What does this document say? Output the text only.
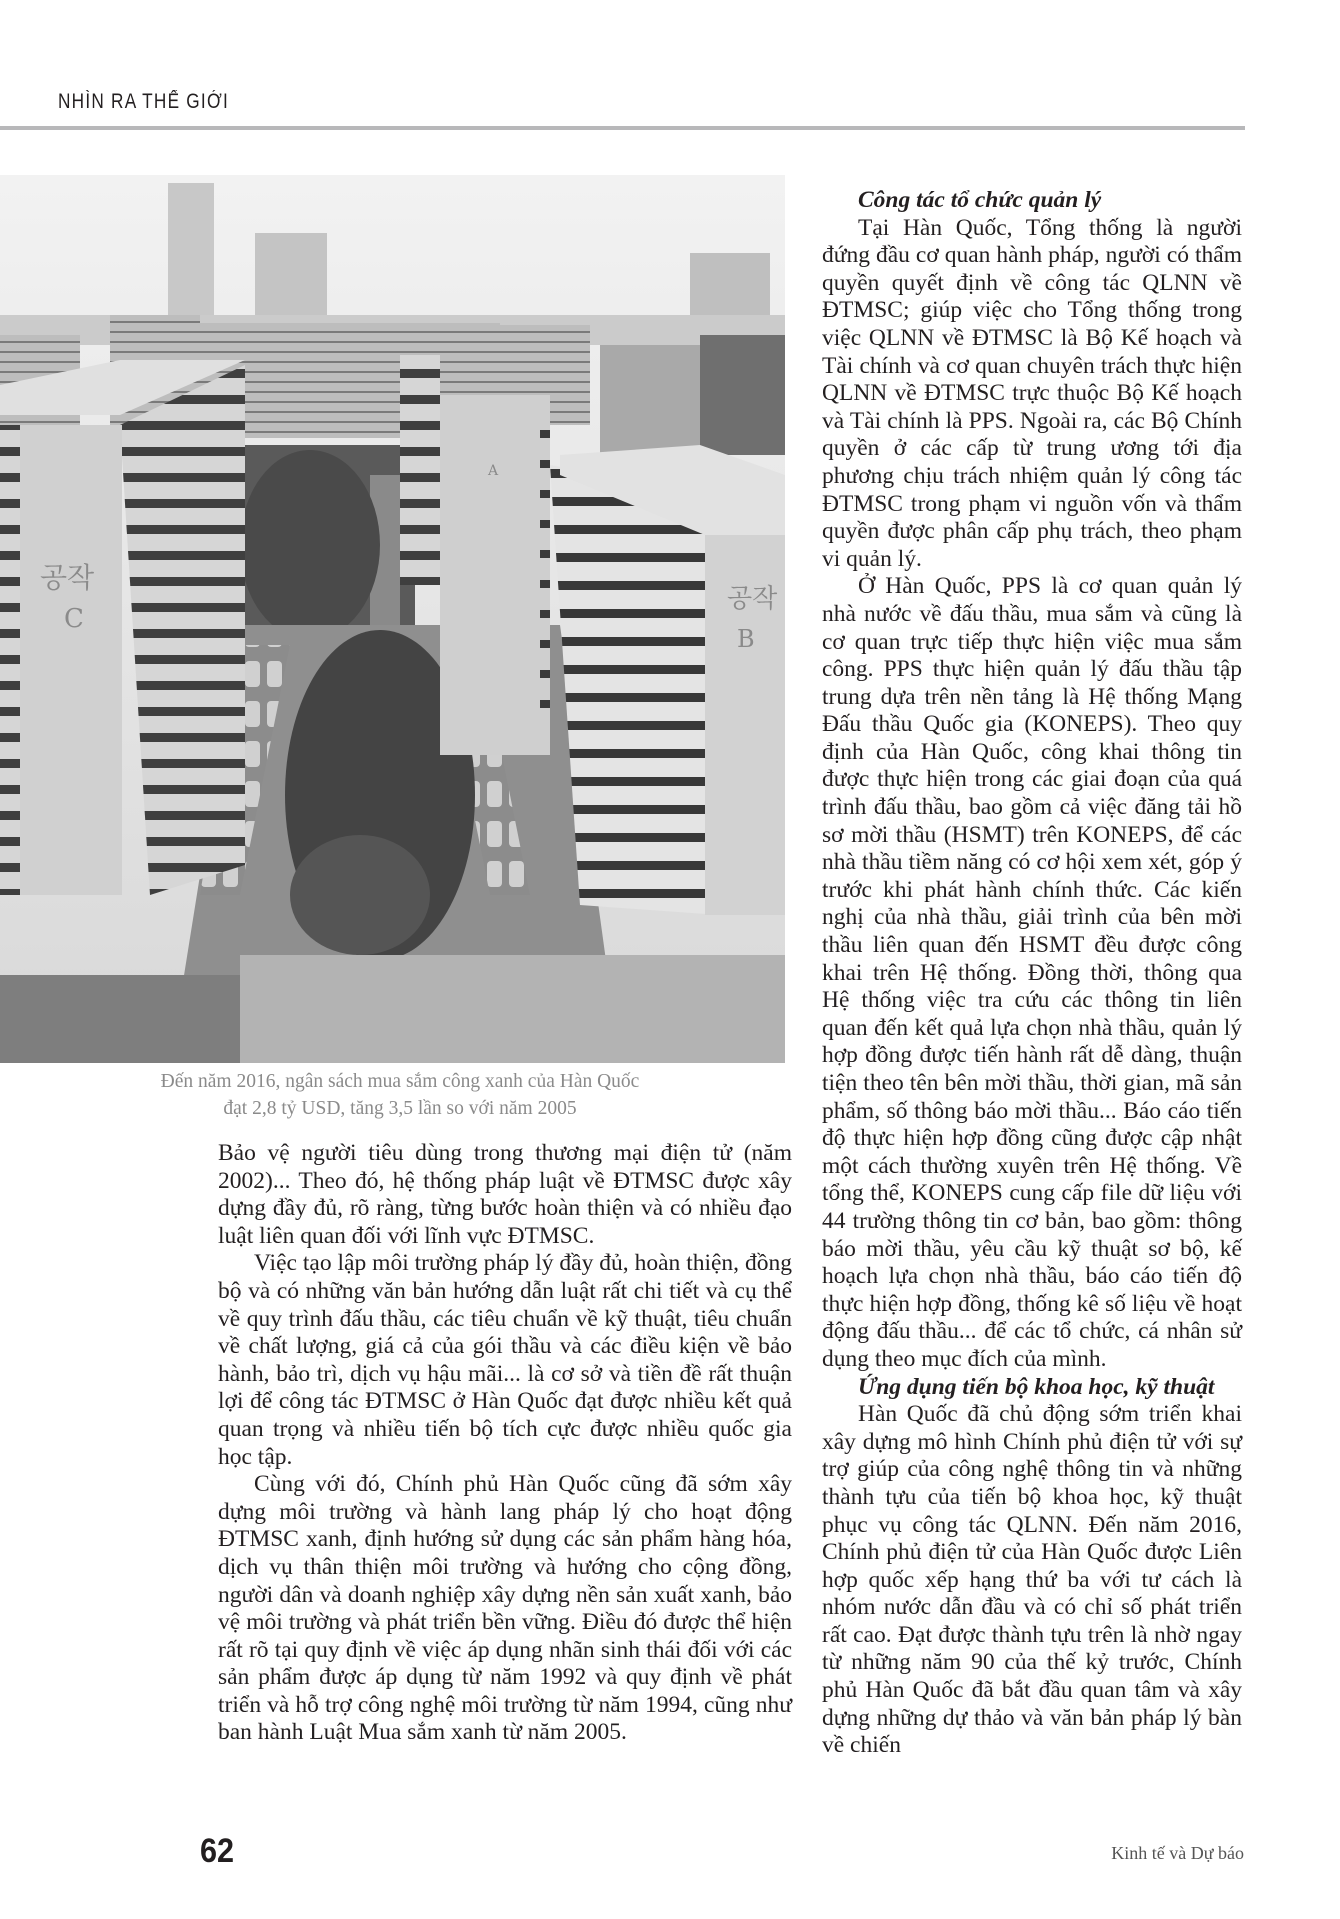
NHÌN RA THẾ GIỚI
공작
C
A
공작
B
Đến năm 2016, ngân sách mua sắm công xanh của Hàn Quốc
đạt 2,8 tỷ USD, tăng 3,5 lần so với năm 2005

Bảo vệ người tiêu dùng trong thương mại điện tử (năm 2002)... Theo đó, hệ thống pháp luật về ĐTMSC được xây dựng đầy đủ, rõ ràng, từng bước hoàn thiện và có nhiều đạo luật liên quan đối với lĩnh vực ĐTMSC.

Việc tạo lập môi trường pháp lý đầy đủ, hoàn thiện, đồng bộ và có những văn bản hướng dẫn luật rất chi tiết và cụ thể về quy trình đấu thầu, các tiêu chuẩn về kỹ thuật, tiêu chuẩn về chất lượng, giá cả của gói thầu và các điều kiện về bảo hành, bảo trì, dịch vụ hậu mãi... là cơ sở và tiền đề rất thuận lợi để công tác ĐTMSC ở Hàn Quốc đạt được nhiều kết quả quan trọng và nhiều tiến bộ tích cực được nhiều quốc gia học tập.

Cùng với đó, Chính phủ Hàn Quốc cũng đã sớm xây dựng môi trường và hành lang pháp lý cho hoạt động ĐTMSC xanh, định hướng sử dụng các sản phẩm hàng hóa, dịch vụ thân thiện môi trường và hướng cho cộng đồng, người dân và doanh nghiệp xây dựng nền sản xuất xanh, bảo vệ môi trường và phát triển bền vững. Điều đó được thể hiện rất rõ tại quy định về việc áp dụng nhãn sinh thái đối với các sản phẩm được áp dụng từ năm 1992 và quy định về phát triển và hỗ trợ công nghệ môi trường từ năm 1994, cũng như ban hành Luật Mua sắm xanh từ năm 2005.

Công tác tổ chức quản lý

Tại Hàn Quốc, Tổng thống là người đứng đầu cơ quan hành pháp, người có thẩm quyền quyết định về công tác QLNN về ĐTMSC; giúp việc cho Tổng thống trong việc QLNN về ĐTMSC là Bộ Kế hoạch và Tài chính và cơ quan chuyên trách thực hiện QLNN về ĐTMSC trực thuộc Bộ Kế hoạch và Tài chính là PPS. Ngoài ra, các Bộ Chính quyền ở các cấp từ trung ương tới địa phương chịu trách nhiệm quản lý công tác ĐTMSC trong phạm vi nguồn vốn và thẩm quyền được phân cấp phụ trách, theo phạm vi quản lý.

Ở Hàn Quốc, PPS là cơ quan quản lý nhà nước về đấu thầu, mua sắm và cũng là cơ quan trực tiếp thực hiện việc mua sắm công. PPS thực hiện quản lý đấu thầu tập trung dựa trên nền tảng là Hệ thống Mạng Đấu thầu Quốc gia (KONEPS). Theo quy định của Hàn Quốc, công khai thông tin được thực hiện trong các giai đoạn của quá trình đấu thầu, bao gồm cả việc đăng tải hồ sơ mời thầu (HSMT) trên KONEPS, để các nhà thầu tiềm năng có cơ hội xem xét, góp ý trước khi phát hành chính thức. Các kiến nghị của nhà thầu, giải trình của bên mời thầu liên quan đến HSMT đều được công khai trên Hệ thống. Đồng thời, thông qua Hệ thống việc tra cứu các thông tin liên quan đến kết quả lựa chọn nhà thầu, quản lý hợp đồng được tiến hành rất dễ dàng, thuận tiện theo tên bên mời thầu, thời gian, mã sản phẩm, số thông báo mời thầu... Báo cáo tiến độ thực hiện hợp đồng cũng được cập nhật một cách thường xuyên trên Hệ thống. Về tổng thể, KONEPS cung cấp file dữ liệu với 44 trường thông tin cơ bản, bao gồm: thông báo mời thầu, yêu cầu kỹ thuật sơ bộ, kế hoạch lựa chọn nhà thầu, báo cáo tiến độ thực hiện hợp đồng, thống kê số liệu về hoạt động đấu thầu... để các tổ chức, cá nhân sử dụng theo mục đích của mình.

Ứng dụng tiến bộ khoa học, kỹ thuật

Hàn Quốc đã chủ động sớm triển khai xây dựng mô hình Chính phủ điện tử với sự trợ giúp của công nghệ thông tin và những thành tựu của tiến bộ khoa học, kỹ thuật phục vụ công tác QLNN. Đến năm 2016, Chính phủ điện tử của Hàn Quốc được Liên hợp quốc xếp hạng thứ ba với tư cách là nhóm nước dẫn đầu và có chỉ số phát triển rất cao. Đạt được thành tựu trên là nhờ ngay từ những năm 90 của thế kỷ trước, Chính phủ Hàn Quốc đã bắt đầu quan tâm và xây dựng những dự thảo và văn bản pháp lý bàn về chiến

62	Kinh tế và Dự báo
